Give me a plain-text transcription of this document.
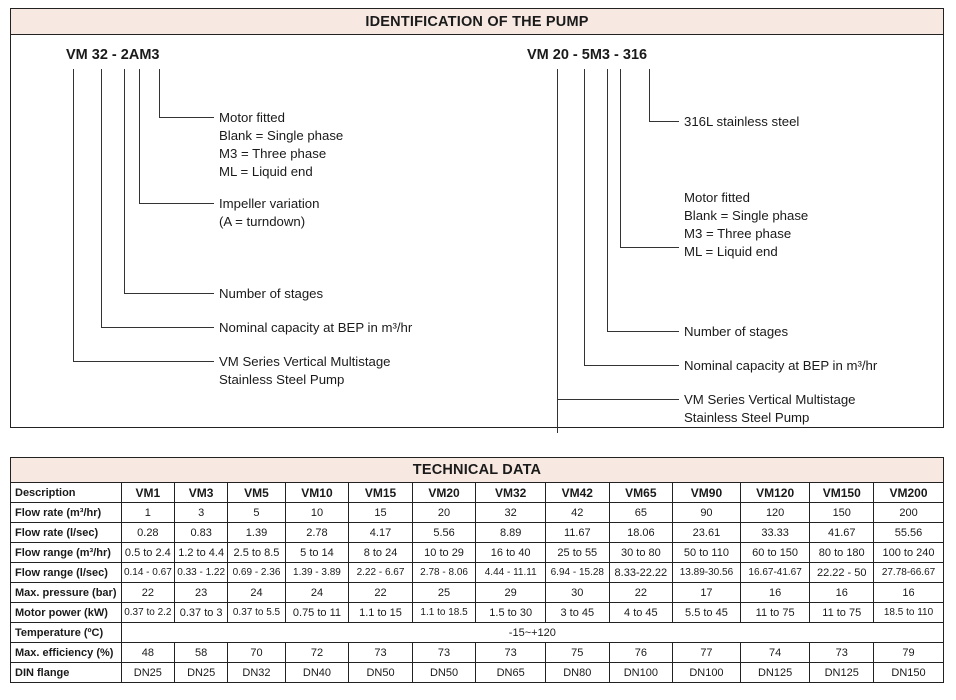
IDENTIFICATION OF THE PUMP
VM 32 - 2AM3
Motor fitted
Blank = Single phase
M3 = Three phase
ML = Liquid end
Impeller variation
(A = turndown)
Number of stages
Nominal capacity at BEP in m³/hr
VM Series Vertical Multistage
Stainless Steel Pump
VM 20 - 5M3 - 316
316L stainless steel
Motor fitted
Blank = Single phase
M3 = Three phase
ML = Liquid end
Number of stages
Nominal capacity at BEP in m³/hr
VM Series Vertical Multistage
Stainless Steel Pump
TECHNICAL DATA													
Description	VM1	VM3	VM5	VM10	VM15	VM20	VM32	VM42	VM65	VM90	VM120	VM150	VM200
Flow rate (m³/hr)	1	3	5	10	15	20	32	42	65	90	120	150	200
Flow rate (l/sec)	0.28	0.83	1.39	2.78	4.17	5.56	8.89	11.67	18.06	23.61	33.33	41.67	55.56
Flow range (m³/hr)	0.5 to 2.4	1.2 to 4.4	2.5 to 8.5	5 to 14	8 to 24	10 to 29	16 to 40	25 to 55	30 to 80	50 to 110	60 to 150	80 to 180	100 to 240
Flow range (l/sec)	0.14 - 0.67	0.33 - 1.22	0.69 - 2.36	1.39 - 3.89	2.22 - 6.67	2.78 - 8.06	4.44 - 11.11	6.94 - 15.28	8.33-22.22	13.89-30.56	16.67-41.67	22.22 - 50	27.78-66.67
Max. pressure (bar)	22	23	24	24	22	25	29	30	22	17	16	16	16
Motor power (kW)	0.37 to 2.2	0.37 to 3	0.37 to 5.5	0.75 to 11	1.1 to 15	1.1 to 18.5	1.5 to 30	3 to 45	4 to 45	5.5 to 45	11 to 75	11 to 75	18.5 to 110
Temperature (ºC)	-15~+120												
Max. efficiency (%)	48	58	70	72	73	73	73	75	76	77	74	73	79
DIN flange	DN25	DN25	DN32	DN40	DN50	DN50	DN65	DN80	DN100	DN100	DN125	DN125	DN150
